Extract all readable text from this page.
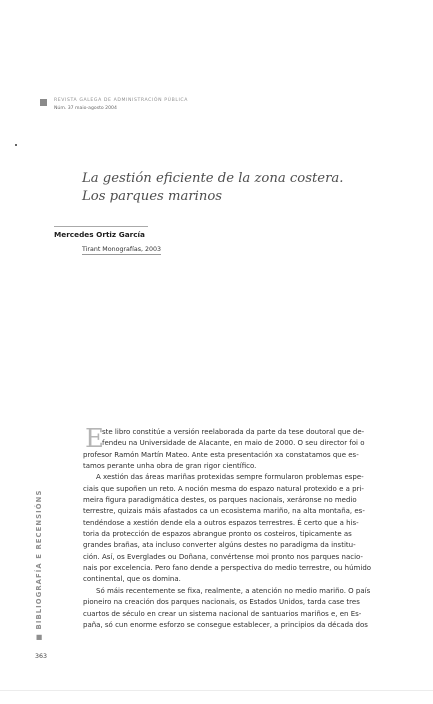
REVISTA GALEGA DE ADMINISTRACIÓN PÚBLICA
Núm. 37 maio-agosto 2004
La gestión eficiente de la zona costera.
Los parques marinos
Mercedes Ortiz García
Tirant Monografías, 2003
■ BIBLIOGRAFÍA E RECENSIÓNS
363
E
ste libro constitúe a versión reelaborada da parte da tese doutoral que de-
fendeu na Universidade de Alacante, en maio de 2000. O seu director foi o
profesor Ramón Martín Mateo. Ante esta presentación xa constatamos que es-
tamos perante unha obra de gran rigor científico.
A xestión das áreas mariñas protexidas sempre formularon problemas espe-
ciais que supoñen un reto. A noción mesma do espazo natural protexido e a pri-
meira figura paradigmática destes, os parques nacionais, xeráronse no medio
terrestre, quizais máis afastados ca un ecosistema mariño, na alta montaña, es-
tendéndose a xestión dende ela a outros espazos terrestres. É certo que a his-
toria da protección de espazos abrangue pronto os costeiros, tipicamente as
grandes brañas, ata incluso converter algúns destes no paradigma da institu-
ción. Así, os Everglades ou Doñana, convértense moi pronto nos parques nacio-
nais por excelencia. Pero fano dende a perspectiva do medio terrestre, ou húmido
continental, que os domina.
Só máis recentemente se fixa, realmente, a atención no medio mariño. O país
pioneiro na creación dos parques nacionais, os Estados Unidos, tarda case tres
cuartos de século en crear un sistema nacional de santuarios mariños e, en Es-
paña, só cun enorme esforzo se consegue establecer, a principios da década dos
